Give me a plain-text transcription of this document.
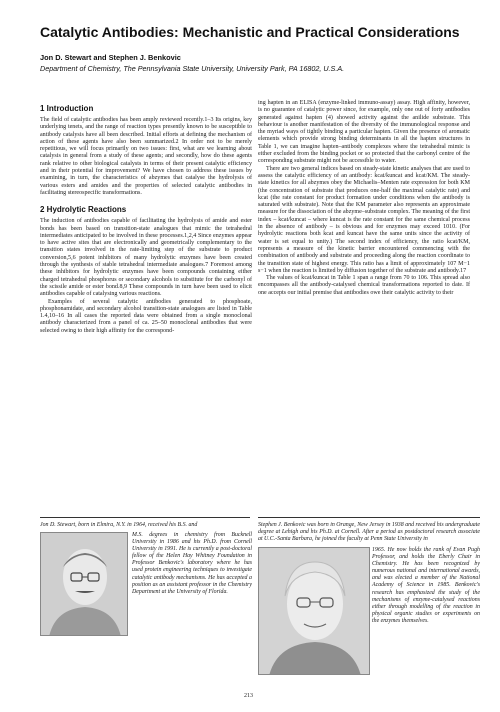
Catalytic Antibodies: Mechanistic and Practical Considerations
Jon D. Stewart and Stephen J. Benkovic
Department of Chemistry, The Pennsylvania State University, University Park, PA 16802, U.S.A.
1 Introduction

The field of catalytic antibodies has been amply reviewed recently.1–3 Its origins, key underlying tenets, and the range of reaction types presently known to be susceptible to antibody catalysis have all been described. Initial efforts at defining the mechanism of action of these agents have also been summarized.2 In order not to be merely repetitious, we will focus primarily on two issues: first, what are we learning about catalysis in general from a study of these agents; and secondly, how do these agents rank relative to other biological catalysts in terms of their present catalytic efficiency and in their potential for improvement? We have chosen to address these issues by examining, in turn, the characteristics of abzymes that catalyse the hydrolysis of various esters and amides and the properties of selected catalytic antibodies in facilitating stereospecific transformations.

2 Hydrolytic Reactions

The induction of antibodies capable of facilitating the hydrolysis of amide and ester bonds has been based on transition-state analogues that mimic the tetrahedral intermediates anticipated to be involved in these processes.1,2,4 Since enzymes appear to have active sites that are electronically and geometrically complementary to the transition states involved in the rate-limiting step of the substrate to product conversion,5,6 potent inhibitors of many hydrolytic enzymes have been created through the synthesis of stable tetrahedral intermediate analogues.7 Foremost among these inhibitors for hydrolytic enzymes have been compounds containing either charged tetrahedral phosphorus or secondary alcohols to substitute for the carbonyl of the scissile amide or ester bond.8,9 These compounds in turn have been used to elicit antibodies capable of catalysing various reactions.

Examples of several catalytic antibodies generated to phosphoate, phosphonamidate, and secondary alcohol transition-state analogues are listed in Table 1.4,10–16 In all cases the reported data were obtained from a single monoclonal antibody characterized from a panel of ca. 25–50 monoclonal antibodies that were selected owing to their high affinity for the correspond-

ing hapten in an ELISA (enzyme-linked immuno-assay) assay. High affinity, however, is no guarantee of catalytic power since, for example, only one out of forty antibodies generated against hapten (4) showed activity against the anilide substrate. This behaviour is another manifestation of the diversity of the immunological response and the myriad ways of tightly binding a particular hapten. Given the presence of aromatic elements which provide strong binding determinants in all the hapten structures in Table 1, we can imagine hapten–antibody complexes where the tetrahedral mimic is either excluded from the binding pocket or so protected that the carbonyl centre of the corresponding substrate might not be accessible to water.

There are two general indices based on steady-state kinetic analyses that are used to assess the catalytic efficiency of an antibody: kcat/kuncat and kcat/KM. The steady-state kinetics for all abzymes obey the Michaelis–Menten rate expression for both KM (the concentration of substrate that produces one-half the maximal catalytic rate) and kcat (the rate constant for product formation under conditions when the antibody is saturated with substrate). Note that the KM parameter also represents an approximate measure for the dissociation of the abzyme–substrate complex. The meaning of the first index – kcat/kuncat – where kuncat is the rate constant for the same chemical process in the absence of antibody – is obvious and for enzymes may exceed 1010. (For hydrolytic reactions both kcat and kuncat have the same units since the activity of water is set equal to unity.) The second index of efficiency, the ratio kcat/KM, represents a measure of the kinetic barrier encountered commencing with the combination of antibody and substrate and proceeding along the reaction coordinate to the transition state of highest energy. This ratio has a limit of approximately 107 M−1 s−1 when the reaction is limited by diffusion together of the substrate and antibody.17

The values of kcat/kuncat in Table 1 span a range from 70 to 106. This spread also encompasses all the antibody-catalysed chemical transformations reported to date. If one accepts our initial premise that antibodies owe their catalytic activity to their

Jon D. Stewart, born in Elmira, N.Y. in 1964, received his B.S. and
M.S. degrees in chemistry from Bucknell University in 1986 and his Ph.D. from Cornell University in 1991. He is currently a post-doctoral fellow of the Helen Hay Whitney Foundation in Professor Benkovic's laboratory where he has used protein engineering techniques to investigate catalytic antibody mechanisms. He has accepted a position as an assistant professor in the Chemistry Department at the University of Florida.
Stephen J. Benkovic was born in Orange, New Jersey in 1938 and received his undergraduate degree at Lehigh and his Ph.D. at Cornell. After a period as postdoctoral research associate at U.C.-Santa Barbara, he joined the faculty at Penn State University in
1965. He now holds the rank of Evan Pugh Professor, and holds the Eberly Chair in Chemistry. He has been recognized by numerous national and international awards, and was elected a member of the National Academy of Science in 1985. Benkovic's research has emphasized the study of the mechanisms of enzyme-catalysed reactions either through modelling of the reaction in physical organic studies or experiments on the enzymes themselves.
213
